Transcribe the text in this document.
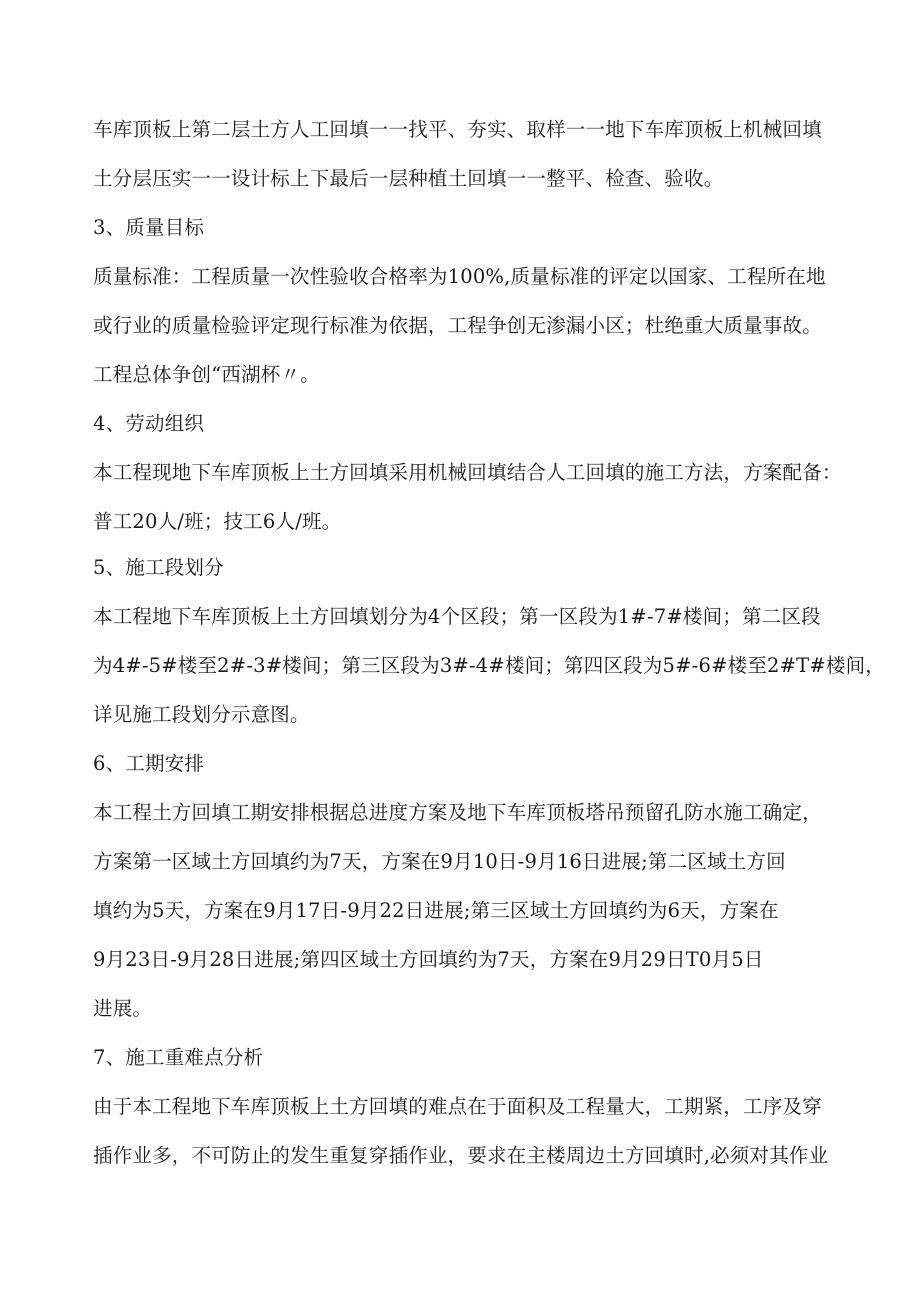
车库顶板上第二层土方人工回填一一找平、夯实、取样一一地下车库顶板上机械回填
土分层压实一一设计标上下最后一层种植土回填一一整平、检查、验收。
3、质量目标
质量标准：工程质量一次性验收合格率为100%,质量标准的评定以国家、工程所在地
或行业的质量检验评定现行标准为依据，工程争创无渗漏小区；杜绝重大质量事故。
工程总体争创“西湖杯〃。
4、劳动组织
本工程现地下车库顶板上土方回填采用机械回填结合人工回填的施工方法，方案配备：
普工20人/班；技工6人/班。
5、施工段划分
本工程地下车库顶板上土方回填划分为4个区段；第一区段为1#-7#楼间；第二区段
为4#-5#楼至2#-3#楼间；第三区段为3#-4#楼间；第四区段为5#-6#楼至2#T#楼间，
详见施工段划分示意图。
6、工期安排
本工程土方回填工期安排根据总进度方案及地下车库顶板塔吊预留孔防水施工确定，
方案第一区域土方回填约为7天，方案在9月10日-9月16日进展;第二区域土方回
填约为5天，方案在9月17日-9月22日进展;第三区域土方回填约为6天，方案在
9月23日-9月28日进展;第四区域土方回填约为7天，方案在9月29日T0月5日
进展。
7、施工重难点分析
由于本工程地下车库顶板上土方回填的难点在于面积及工程量大，工期紧，工序及穿
插作业多，不可防止的发生重复穿插作业，要求在主楼周边土方回填时,必须对其作业
